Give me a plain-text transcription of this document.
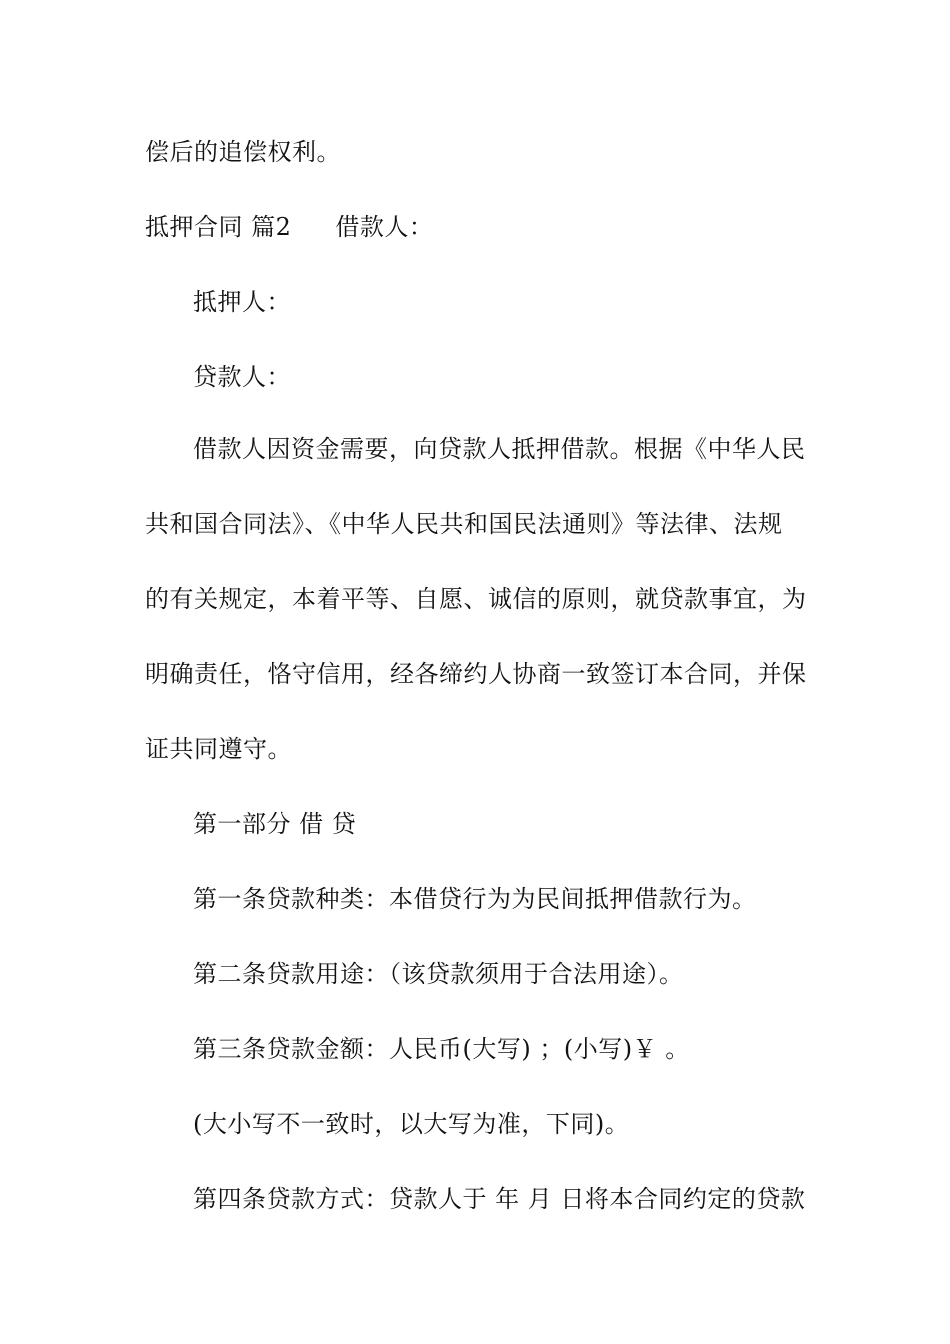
偿后的追偿权利。
抵押合同 篇2 借款人：
抵押人：
贷款人：
借款人因资金需要，向贷款人抵押借款。根据《中华人民
共和国合同法》、《中华人民共和国民法通则》等法律、法规
的有关规定，本着平等、自愿、诚信的原则，就贷款事宜，为
明确责任，恪守信用，经各缔约人协商一致签订本合同，并保
证共同遵守。
第一部分 借 贷
第一条贷款种类：本借贷行为为民间抵押借款行为。
第二条贷款用途：（该贷款须用于合法用途）。
第三条贷款金额：人民币(大写) ；(小写)￥ 。
(大小写不一致时，以大写为准，下同)。
第四条贷款方式：贷款人于 年 月 日将本合同约定的贷款
